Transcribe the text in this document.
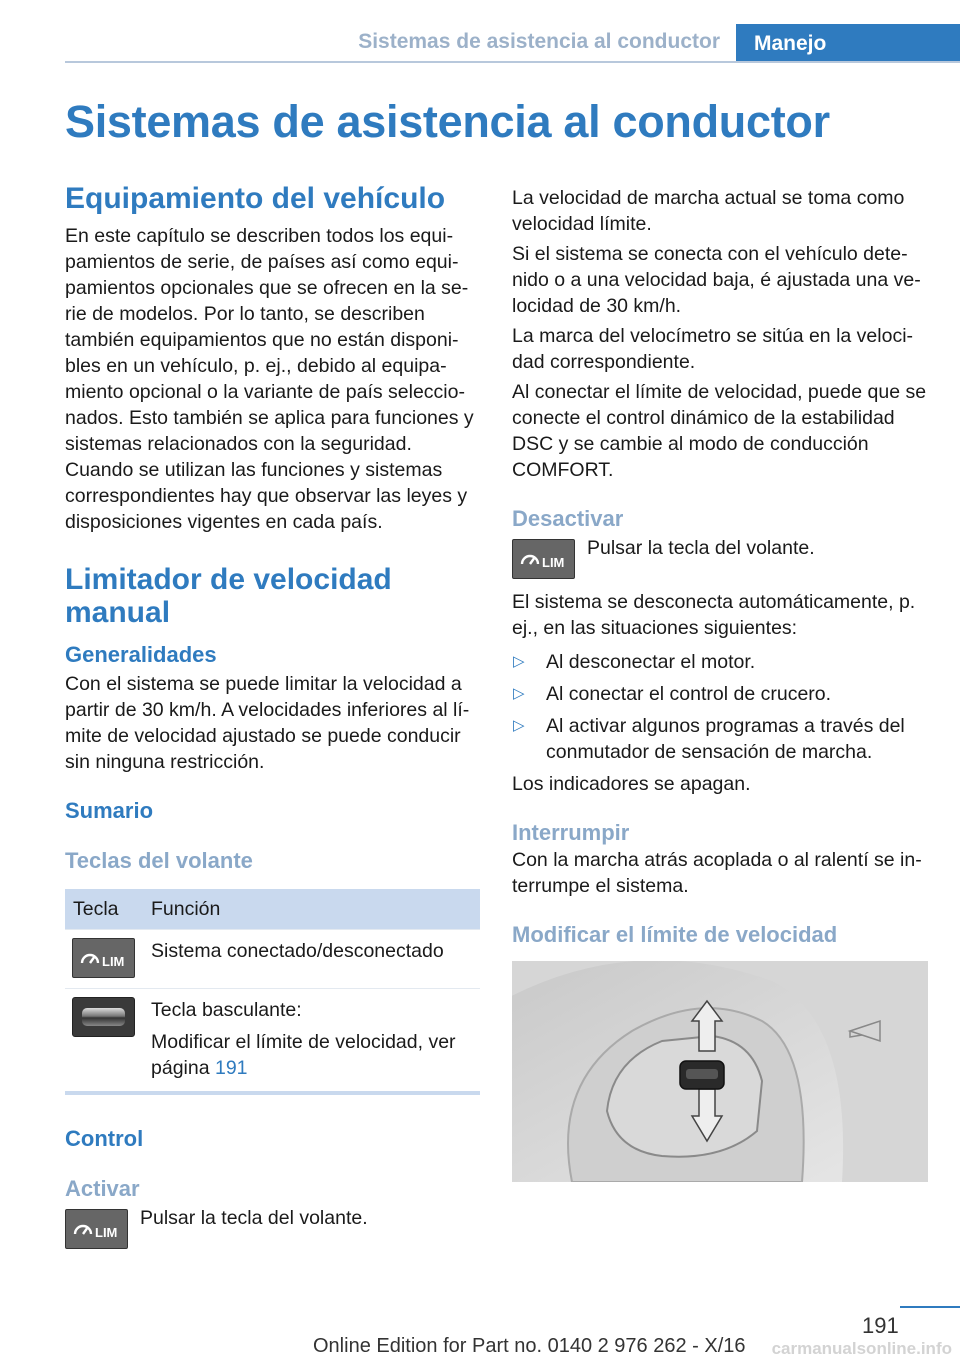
Sistemas de asistencia al conductor	Manejo
Sistemas de asistencia al conductor
Equipamiento del vehículo

En este capítulo se describen todos los equipamientos de serie, de países así como equipamientos opcionales que se ofrecen en la serie de modelos. Por lo tanto, se describen también equipamientos que no están disponibles en un vehículo, p. ej., debido al equipamiento opcional o la variante de país seleccionados. Esto también se aplica para funciones y sistemas relacionados con la seguridad.

Cuando se utilizan las funciones y sistemas correspondientes hay que observar las leyes y disposiciones vigentes en cada país.

Limitador de velocidad manual
Generalidades

Con el sistema se puede limitar la velocidad a partir de 30 km/h. A velocidades inferiores al límite de velocidad ajustado se puede conducir sin ninguna restricción.

Sumario
Teclas del volante
Tecla	Función

LIM	Sistema conectado/desconectado

	Tecla basculante:

Modificar el límite de velocidad, ver página 191

Control
Activar
LIM

Pulsar la tecla del volante.

La velocidad de marcha actual se toma como velocidad límite.

Si el sistema se conecta con el vehículo detenido o a una velocidad baja, é ajustada una velocidad de 30 km/h.

La marca del velocímetro se sitúa en la velocidad correspondiente.

Al conectar el límite de velocidad, puede que se conecte el control dinámico de la estabilidad DSC y se cambie al modo de conducción COMFORT.

Desactivar
LIM

Pulsar la tecla del volante.

El sistema se desconecta automáticamente, p. ej., en las situaciones siguientes:

▷ Al desconectar el motor.
▷ Al conectar el control de crucero.
▷ Al activar algunos programas a través del conmutador de sensación de marcha.

Los indicadores se apagan.

Interrumpir

Con la marcha atrás acoplada o al ralentí se interrumpe el sistema.

Modificar el límite de velocidad
191
Online Edition for Part no. 0140 2 976 262 - X/16 carmanualsonline.info
